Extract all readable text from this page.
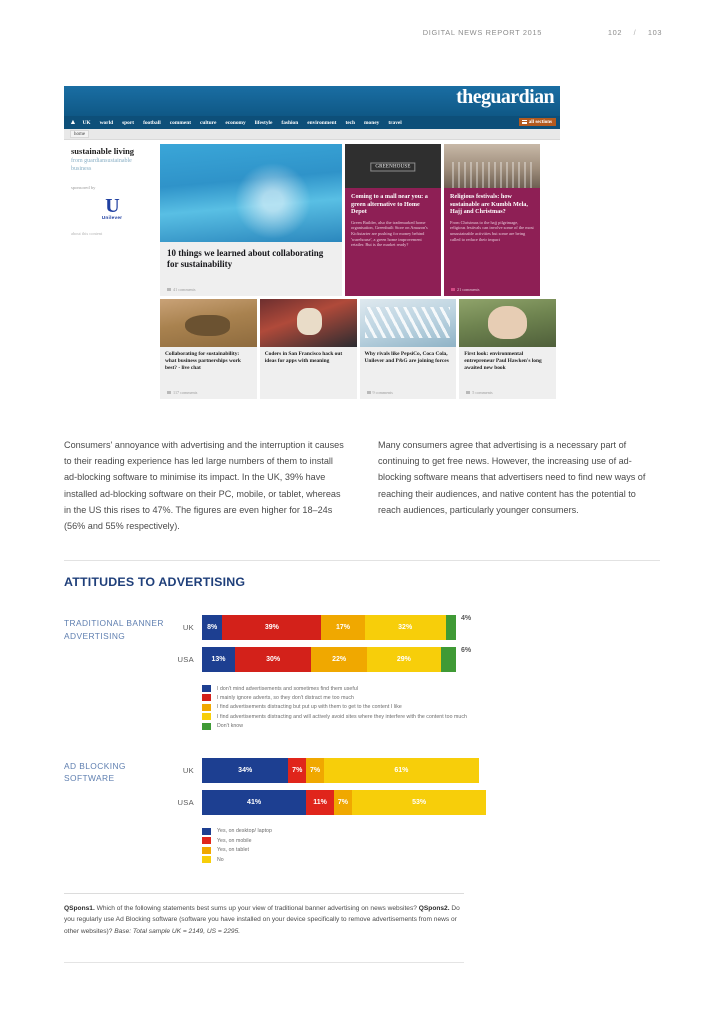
DIGITAL NEWS REPORT 2015	102	/	103
theguardian
▲ UK world sport football comment culture economy lifestyle fashion environment tech money travel	all sections
home
sustainable living
from guardiansustainable business
sponsored by
U
Unilever
about this content
10 things we learned about collaborating for sustainability
41 comments
GREENHOUSE
Coming to a mall near you: a green alternative to Home Depot
Green Builder, also the trademarked home organisation, Greenbuilt Store on Amazon's Kickstarter are pushing for money behind 'warehouse', a green home improvement retailer. But is the market ready?
Religious festivals: how sustainable are Kumbh Mela, Hajj and Christmas?
From Christmas to the hajj pilgrimage, religious festivals can involve some of the most unsustainable activities but some are being called to reduce their impact
21 comments
Collaborating for sustainability: what business partnerships work best? - live chat
117 comments
Coders in San Francisco hack out ideas for apps with meaning
Why rivals like PepsiCo, Coca Cola, Unilever and P&G are joining forces
9 comments
First look: environmental entrepreneur Paul Hawken's long awaited new book
5 comments

Consumers' annoyance with advertising and the interruption it causes to their reading experience has led large numbers of them to install ad-blocking software to minimise its impact. In the UK, 39% have installed ad-blocking software on their PC, mobile, or tablet, whereas in the US this rises to 47%. The figures are even higher for 18–24s (56% and 55% respectively).

Many consumers agree that advertising is a necessary part of continuing to get free news. However, the increasing use of ad-blocking software means that advertisers need to find new ways of reaching their audiences, and native content has the potential to reach audiences, particularly younger consumers.

ATTITUDES TO ADVERTISING
TRADITIONAL BANNER ADVERTISING
UK	8%	39%	17%	32%
4%
USA	13%	30%	22%	29%
6%
I don't mind advertisements and sometimes find them useful
I mainly ignore adverts, so they don't distract me too much
I find advertisements distracting but put up with them to get to the content I like
I find advertisements distracting and will actively avoid sites where they interfere with the content too much
Don't know
AD BLOCKING SOFTWARE
UK	34%	7%	7%	61%
USA	41%	11%	7%	53%
Yes, on desktop/ laptop
Yes, on mobile
Yes, on tablet
No

QSpons1. Which of the following statements best sums up your view of traditional banner advertising on news websites? QSpons2. Do you regularly use Ad Blocking software (software you have installed on your device specifically to remove advertisements from news or other websites)? Base: Total sample UK = 2149, US = 2295.
